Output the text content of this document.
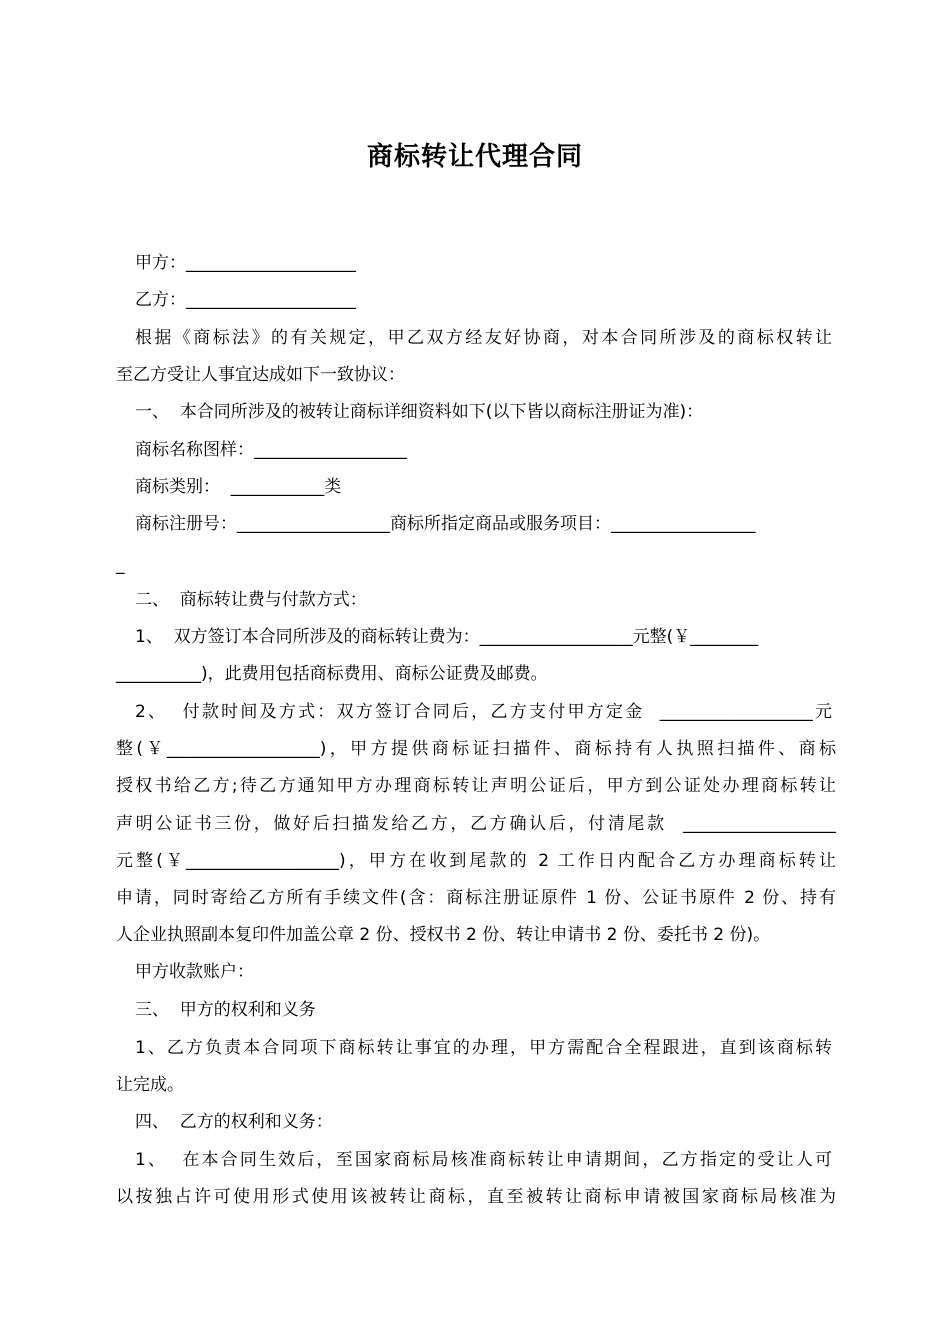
商标转让代理合同
甲方：____________________
乙方：____________________
根据《商标法》的有关规定，甲乙双方经友好协商，对本合同所涉及的商标权转让
至乙方受让人事宜达成如下一致协议：
一、  本合同所涉及的被转让商标详细资料如下(以下皆以商标注册证为准)：
商标名称图样：__________________
商标类别：  ___________类
商标注册号：__________________商标所指定商品或服务项目：_________________
_
二、  商标转让费与付款方式：
1、  双方签订本合同所涉及的商标转让费为：__________________元整(￥________
__________)，此费用包括商标费用、商标公证费及邮费。
2、  付款时间及方式：双方签订合同后，乙方支付甲方定金  __________________元
整(￥__________________)，甲方提供商标证扫描件、商标持有人执照扫描件、商标
授权书给乙方;待乙方通知甲方办理商标转让声明公证后，甲方到公证处办理商标转让
声明公证书三份，做好后扫描发给乙方，乙方确认后，付清尾款  __________________
元整(￥__________________)，甲方在收到尾款的 2 工作日内配合乙方办理商标转让
申请，同时寄给乙方所有手续文件(含：商标注册证原件 1 份、公证书原件 2 份、持有
人企业执照副本复印件加盖公章 2 份、授权书 2 份、转让申请书 2 份、委托书 2 份)。
甲方收款账户：
三、  甲方的权利和义务
1、乙方负责本合同项下商标转让事宜的办理，甲方需配合全程跟进，直到该商标转
让完成。
四、  乙方的权利和义务：
1、  在本合同生效后，至国家商标局核准商标转让申请期间，乙方指定的受让人可
以按独占许可使用形式使用该被转让商标，直至被转让商标申请被国家商标局核准为
